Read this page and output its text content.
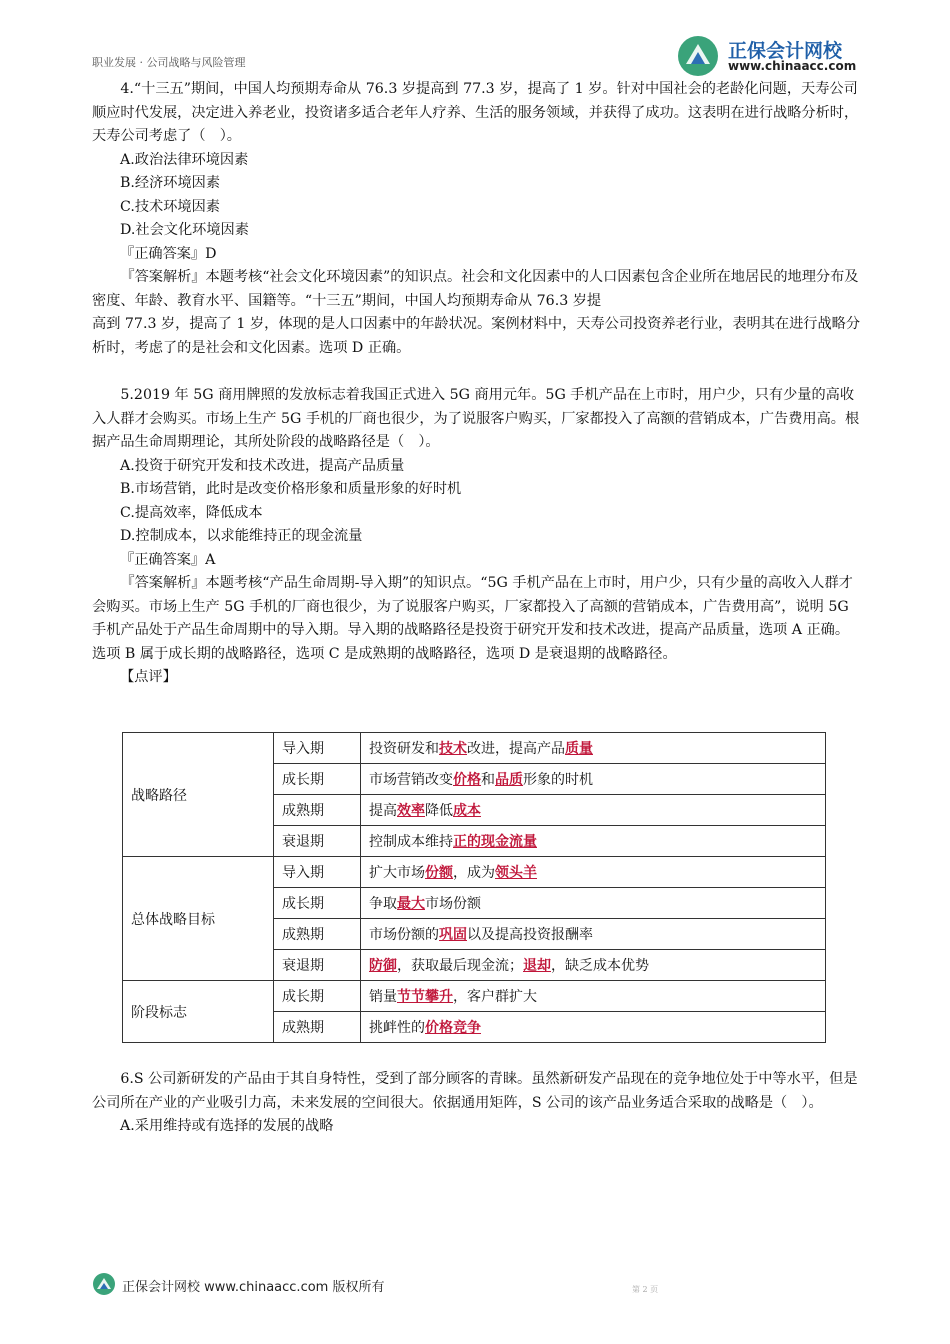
职业发展 · 公司战略与风险管理
正保会计网校
www.chinaacc.com

4.“十三五”期间，中国人均预期寿命从 76.3 岁提高到 77.3 岁，提高了 1 岁。针对中国社会的老龄化问题，天寿公司顺应时代发展，决定进入养老业，投资诸多适合老年人疗养、生活的服务领域，并获得了成功。这表明在进行战略分析时，天寿公司考虑了（　）。

A.政治法律环境因素

B.经济环境因素

C.技术环境因素

D.社会文化环境因素

『正确答案』D

『答案解析』本题考核“社会文化环境因素”的知识点。社会和文化因素中的人口因素包含企业所在地居民的地理分布及密度、年龄、教育水平、国籍等。“十三五”期间，中国人均预期寿命从 76.3 岁提

高到 77.3 岁，提高了 1 岁，体现的是人口因素中的年龄状况。案例材料中，天寿公司投资养老行业，表明其在进行战略分析时，考虑了的是社会和文化因素。选项 D 正确。

5.2019 年 5G 商用牌照的发放标志着我国正式进入 5G 商用元年。5G 手机产品在上市时，用户少，只有少量的高收入人群才会购买。市场上生产 5G 手机的厂商也很少，为了说服客户购买，厂家都投入了高额的营销成本，广告费用高。根据产品生命周期理论，其所处阶段的战略路径是（　）。

A.投资于研究开发和技术改进，提高产品质量

B.市场营销，此时是改变价格形象和质量形象的好时机

C.提高效率，降低成本

D.控制成本，以求能维持正的现金流量

『正确答案』A

『答案解析』本题考核“产品生命周期-导入期”的知识点。“5G 手机产品在上市时，用户少，只有少量的高收入人群才会购买。市场上生产 5G 手机的厂商也很少，为了说服客户购买，厂家都投入了高额的营销成本，广告费用高”，说明 5G 手机产品处于产品生命周期中的导入期。导入期的战略路径是投资于研究开发和技术改进，提高产品质量，选项 A 正确。选项 B 属于成长期的战略路径，选项 C 是成熟期的战略路径，选项 D 是衰退期的战略路径。

【点评】

战略路径	导入期	投资研发和技术改进，提高产品质量
	成长期	市场营销改变价格和品质形象的时机
	成熟期	提高效率降低成本
	衰退期	控制成本维持正的现金流量
总体战略目标	导入期	扩大市场份额，成为领头羊
	成长期	争取最大市场份额
	成熟期	市场份额的巩固以及提高投资报酬率
	衰退期	防御，获取最后现金流；退却，缺乏成本优势
阶段标志	成长期	销量节节攀升，客户群扩大
	成熟期	挑衅性的价格竞争

6.S 公司新研发的产品由于其自身特性，受到了部分顾客的青睐。虽然新研发产品现在的竞争地位处于中等水平，但是公司所在产业的产业吸引力高，未来发展的空间很大。依据通用矩阵，S 公司的该产品业务适合采取的战略是（　）。

A.采用维持或有选择的发展的战略

正保会计网校 www.chinaacc.com 版权所有	第 2 页
